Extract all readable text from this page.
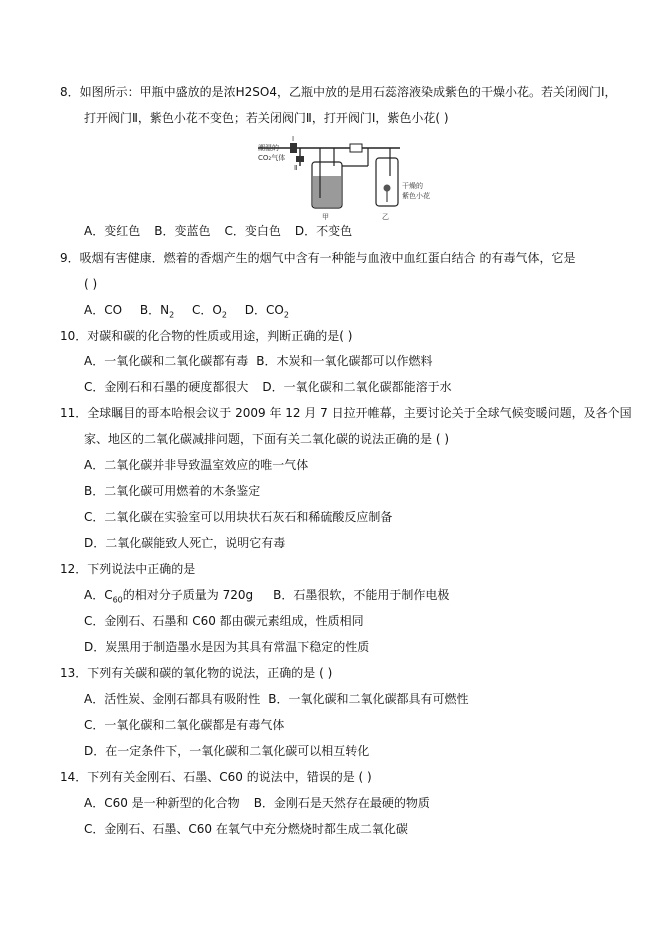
8．如图所示：甲瓶中盛放的是浓H2SO4，乙瓶中放的是用石蕊溶液染成紫色的干燥小花。若关闭阀门Ⅰ，
打开阀门Ⅱ，紫色小花不变色；若关闭阀门Ⅱ，打开阀门Ⅰ，紫色小花( )
潮湿的
CO₂气体
Ⅰ
Ⅱ
甲
干燥的
紫色小花
乙
A．变红色 B．变蓝色 C．变白色 D．不变色
9．吸烟有害健康．燃着的香烟产生的烟气中含有一种能与血液中血红蛋白结合 的有毒气体，它是
( )
A．CO B．$N_2$ C．$O_2$ D．$CO_2$
10．对碳和碳的化合物的性质或用途，判断正确的是( )
A．一氧化碳和二氧化碳都有毒 B．木炭和一氧化碳都可以作燃料
C．金刚石和石墨的硬度都很大 D．一氧化碳和二氧化碳都能溶于水
11．全球瞩目的哥本哈根会议于 2009 年 12 月 7 日拉开帷幕，主要讨论关于全球气候变暖问题，及各个国
家、地区的二氧化碳减排问题，下面有关二氧化碳的说法正确的是 ( )
A．二氧化碳并非导致温室效应的唯一气体
B．二氧化碳可用燃着的木条鉴定
C．二氧化碳在实验室可以用块状石灰石和稀硫酸反应制备
D．二氧化碳能致人死亡，说明它有毒
12．下列说法中正确的是
A．$C_{60}$的相对分子质量为 720g B．石墨很软，不能用于制作电极
C．金刚石、石墨和 C60 都由碳元素组成，性质相同
D．炭黑用于制造墨水是因为其具有常温下稳定的性质
13．下列有关碳和碳的氧化物的说法，正确的是 ( )
A．活性炭、金刚石都具有吸附性 B．一氧化碳和二氧化碳都具有可燃性
C．一氧化碳和二氧化碳都是有毒气体
D．在一定条件下，一氧化碳和二氧化碳可以相互转化
14．下列有关金刚石、石墨、C60 的说法中，错误的是 ( )
A．C60 是一种新型的化合物 B．金刚石是天然存在最硬的物质
C．金刚石、石墨、C60 在氧气中充分燃烧时都生成二氧化碳
